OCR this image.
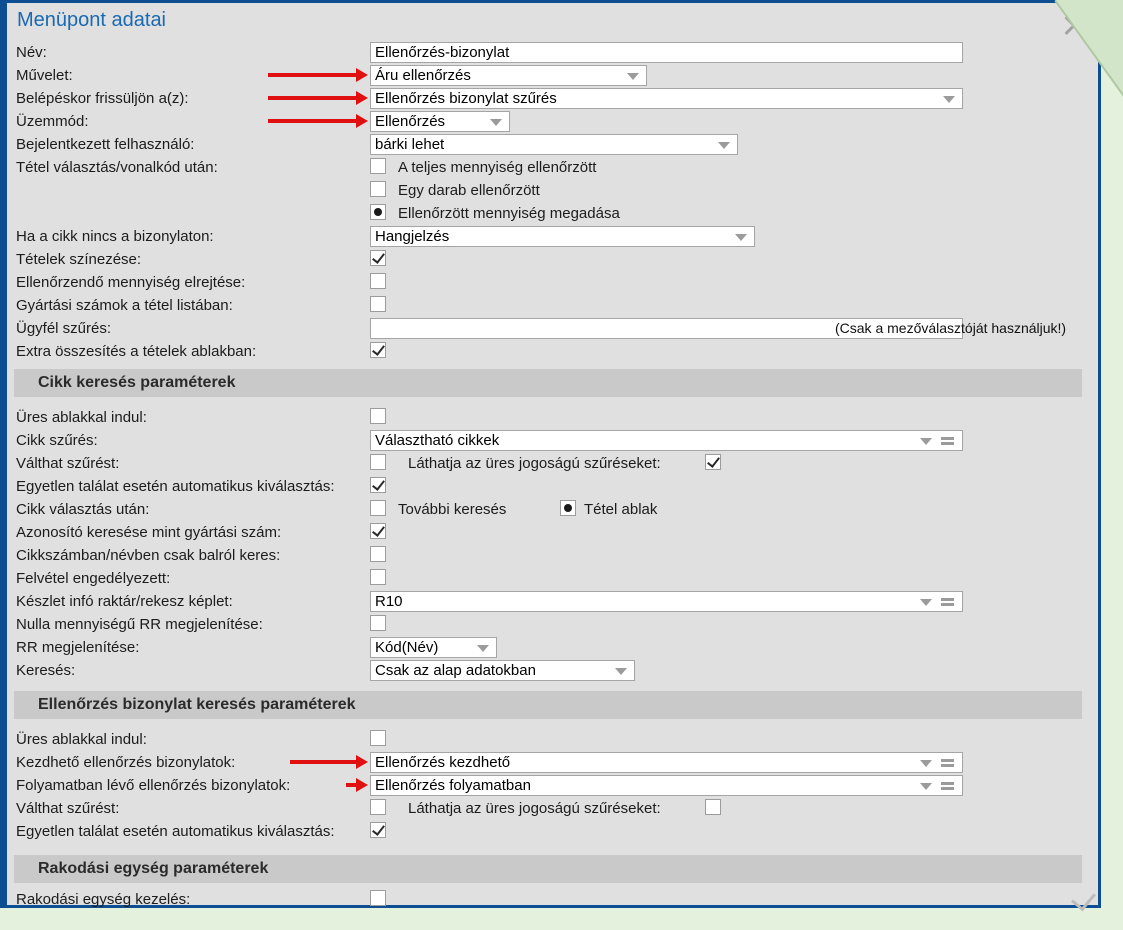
Menüpont adatai
Név:	Ellenőrzés-bizonylat
Művelet:	Áru ellenőrzés
Belépéskor frissüljön a(z):	Ellenőrzés bizonylat szűrés
Üzemmód:	Ellenőrzés
Bejelentkezett felhasználó:	bárki lehet
Tétel választás/vonalkód után:	A teljes mennyiség ellenőrzött
Egy darab ellenőrzött
Ellenőrzött mennyiség megadása
Ha a cikk nincs a bizonylaton:	Hangjelzés
Tételek színezése:
Ellenőrzendő mennyiség elrejtése:
Gyártási számok a tétel listában:
Ügyfél szűrés:	(Csak a mezőválasztóját használjuk!)
Extra összesítés a tételek ablakban:
Cikk keresés paraméterek
Üres ablakkal indul:
Cikk szűrés:	Választható cikkek
Válthat szűrést:	Láthatja az üres jogoságú szűréseket:
Egyetlen találat esetén automatikus kiválasztás:
Cikk választás után:	További keresés	Tétel ablak
Azonosító keresése mint gyártási szám:
Cikkszámban/névben csak balról keres:
Felvétel engedélyezett:
Készlet infó raktár/rekesz képlet:	R10
Nulla mennyiségű RR megjelenítése:
RR megjelenítése:	Kód(Név)
Keresés:	Csak az alap adatokban
Ellenőrzés bizonylat keresés paraméterek
Üres ablakkal indul:
Kezdhető ellenőrzés bizonylatok:	Ellenőrzés kezdhető
Folyamatban lévő ellenőrzés bizonylatok:	Ellenőrzés folyamatban
Válthat szűrést:	Láthatja az üres jogoságú szűréseket:
Egyetlen találat esetén automatikus kiválasztás:
Rakodási egység paraméterek
Rakodási egység kezelés:
